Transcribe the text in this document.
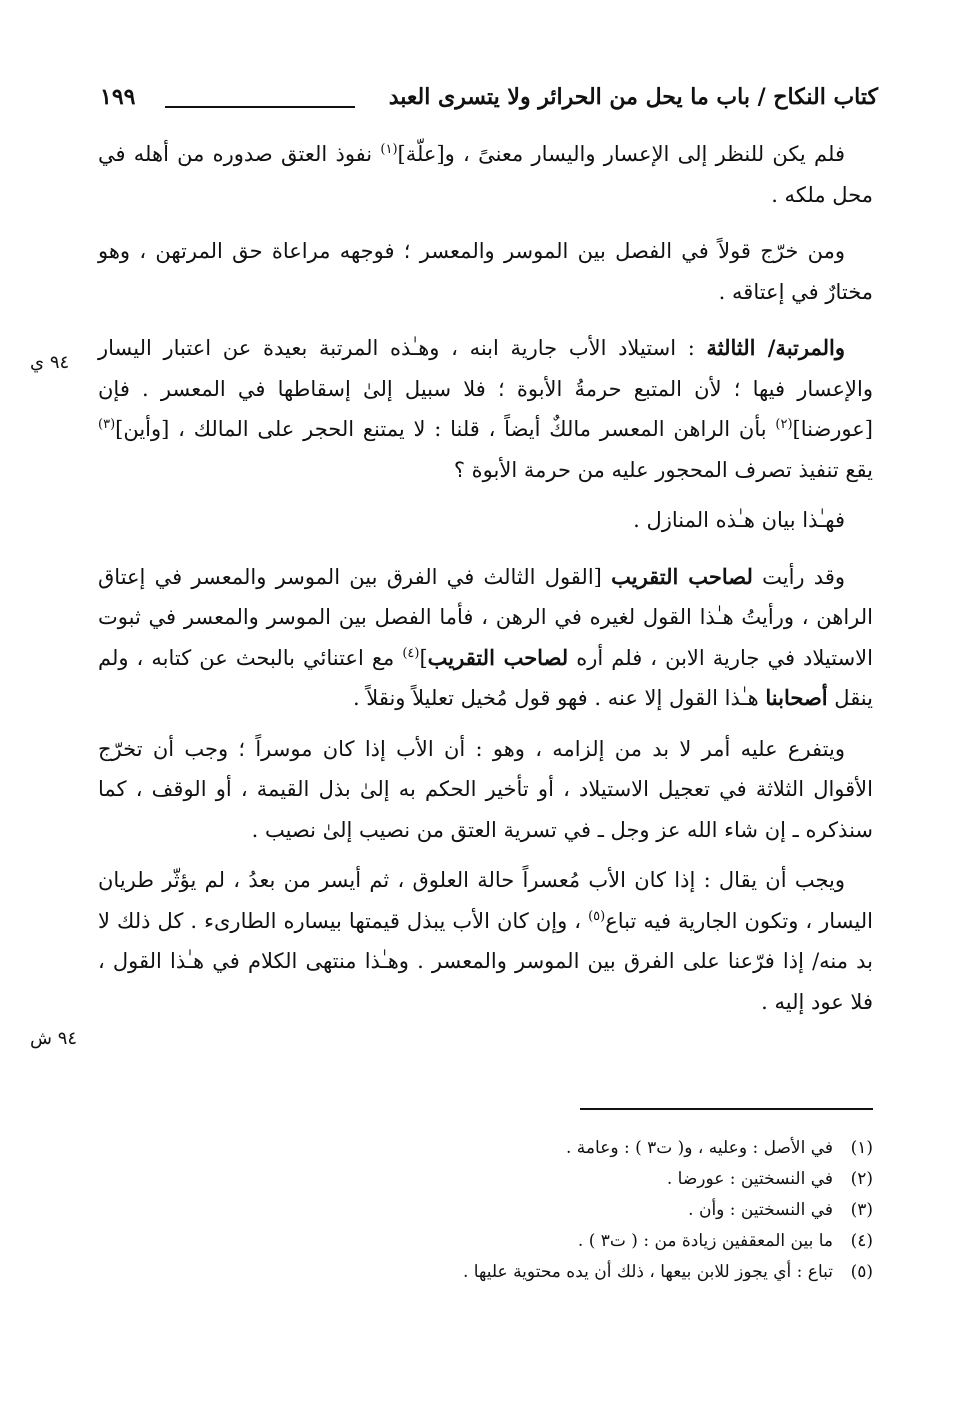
كتاب النكاح / باب ما يحل من الحرائر ولا يتسرى العبد
١٩٩

فلم يكن للنظر إلى الإعسار واليسار معنىً ، و[علّة]$^{(١)}$ نفوذ العتق صدوره من أهله في محل ملكه .

ومن خرّج قولاً في الفصل بين الموسر والمعسر ؛ فوجهه مراعاة حق المرتهن ، وهو مختارٌ في إعتاقه .

والمرتبة/ الثالثة : استيلاد الأب جارية ابنه ، وهـٰذه المرتبة بعيدة عن اعتبار اليسار والإعسار فيها ؛ لأن المتبع حرمةُ الأبوة ؛ فلا سبيل إلىٰ إسقاطها في المعسر . فإن [عورضنا]$^{(٢)}$ بأن الراهن المعسر مالكٌ أيضاً ، قلنا : لا يمتنع الحجر على المالك ، [وأين]$^{(٣)}$ يقع تنفيذ تصرف المحجور عليه من حرمة الأبوة ؟

فهـٰذا بيان هـٰذه المنازل .

وقد رأيت لصاحب التقريب [القول الثالث في الفرق بين الموسر والمعسر في إعتاق الراهن ، ورأيتُ هـٰذا القول لغيره في الرهن ، فأما الفصل بين الموسر والمعسر في ثبوت الاستيلاد في جارية الابن ، فلم أره لصاحب التقريب]$^{(٤)}$ مع اعتنائي بالبحث عن كتابه ، ولم ينقل أصحابنا هـٰذا القول إلا عنه . فهو قول مُخيل تعليلاً ونقلاً .

ويتفرع عليه أمر لا بد من إلزامه ، وهو : أن الأب إذا كان موسراً ؛ وجب أن تخرّج الأقوال الثلاثة في تعجيل الاستيلاد ، أو تأخير الحكم به إلىٰ بذل القيمة ، أو الوقف ، كما سنذكره ـ إن شاء الله عز وجل ـ في تسرية العتق من نصيب إلىٰ نصيب .

ويجب أن يقال : إذا كان الأب مُعسراً حالة العلوق ، ثم أيسر من بعدُ ، لم يؤثّر طريان اليسار ، وتكون الجارية فيه تباع$^{(٥)}$ ، وإن كان الأب يبذل قيمتها بيساره الطارىء . كل ذلك لا بد منه/ إذا فرّعنا على الفرق بين الموسر والمعسر . وهـٰذا منتهى الكلام في هـٰذا القول ، فلا عود إليه .

٩٤ ي
٩٤ ش
(١)في الأصل : وعليه ، و( ت٣ ) : وعامة .
(٢)في النسختين : عورضا .
(٣)في النسختين : وأن .
(٤)ما بين المعقفين زيادة من : ( ت٣ ) .
(٥)تباع : أي يجوز للابن بيعها ، ذلك أن يده محتوية عليها .
